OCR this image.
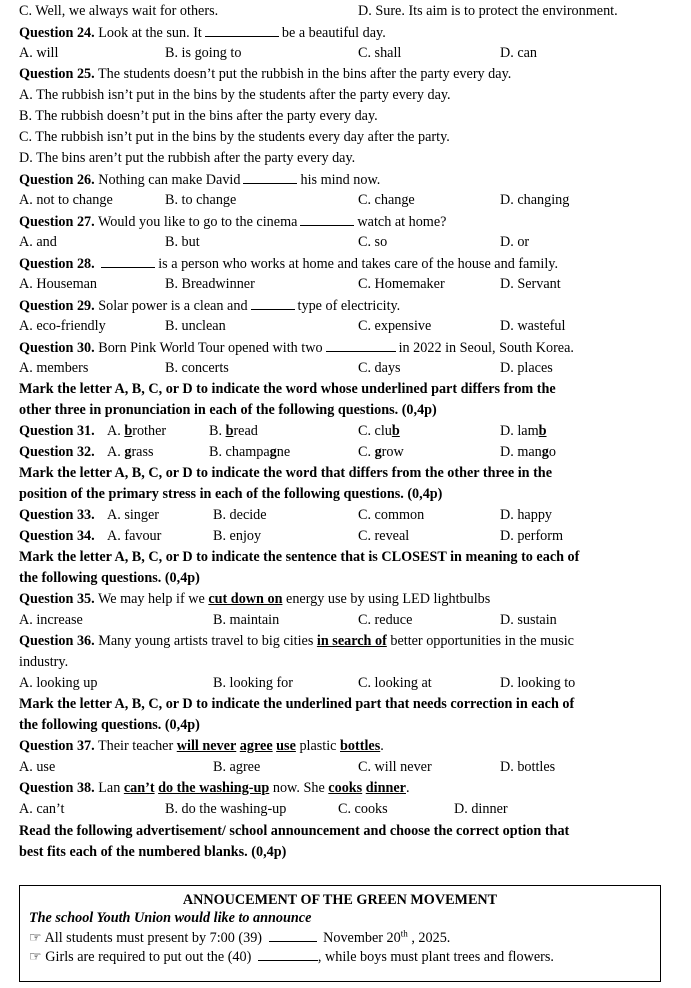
C. Well, we always wait for others.	D. Sure. Its aim is to protect the environment.
Question 24. Look at the sun. It	be a beautiful day.
A. will	B. is going to	C. shall	D. can
Question 25. The students doesn’t put the rubbish in the bins after the party every day.
A. The rubbish isn’t put in the bins by the students after the party every day.
B. The rubbish doesn’t put in the bins after the party every day.
C. The rubbish isn’t put in the bins by the students every day after the party.
D. The bins aren’t put the rubbish after the party every day.
Question 26. Nothing can make David	his mind now.
A. not to change	B. to change	C. change	D. changing
Question 27. Would you like to go to the cinema	watch at home?
A. and	B. but	C. so	D. or
Question 28.	is a person who works at home and takes care of the house and family.
A. Houseman	B. Breadwinner	C. Homemaker	D. Servant
Question 29. Solar power is a clean and	type of electricity.
A. eco-friendly	B. unclean	C. expensive	D. wasteful
Question 30. Born Pink World Tour opened with two	in 2022 in Seoul, South Korea.
A. members	B. concerts	C. days	D. places
Mark the letter A, B, C, or D to indicate the word whose underlined part differs from the
other three in pronunciation in each of the following questions. (0,4p)
Question 31. A. brother	B. bread	C. club	D. lamb
Question 32. A. grass	B. champagne	C. grow	D. mango
Mark the letter A, B, C, or D to indicate the word that differs from the other three in the
position of the primary stress in each of the following questions. (0,4p)
Question 33. A. singer	B. decide	C. common	D. happy
Question 34. A. favour	B. enjoy	C. reveal	D. perform
Mark the letter A, B, C, or D to indicate the sentence that is CLOSEST in meaning to each of
the following questions. (0,4p)
Question 35. We may help if we cut down on energy use by using LED lightbulbs
A. increase	B. maintain	C. reduce	D. sustain
Question 36. Many young artists travel to big cities in search of better opportunities in the music
industry.
A. looking up	B. looking for	C. looking at	D. looking to
Mark the letter A, B, C, or D to indicate the underlined part that needs correction in each of
the following questions. (0,4p)
Question 37. Their teacher will never agree use plastic bottles.
A. use	B. agree	C. will never	D. bottles
Question 38. Lan can’t do the washing-up now. She cooks dinner.
A. can’t	B. do the washing-up	C. cooks	D. dinner
Read the following advertisement/ school announcement and choose the correct option that
best fits each of the numbered blanks. (0,4p)
ANNOUCEMENT OF THE GREEN MOVEMENT
The school Youth Union would like to announce
☞ All students must present by 7:00 (39)	November 20th , 2025.
☞ Girls are required to put out the (40)	, while boys must plant trees and flowers.
